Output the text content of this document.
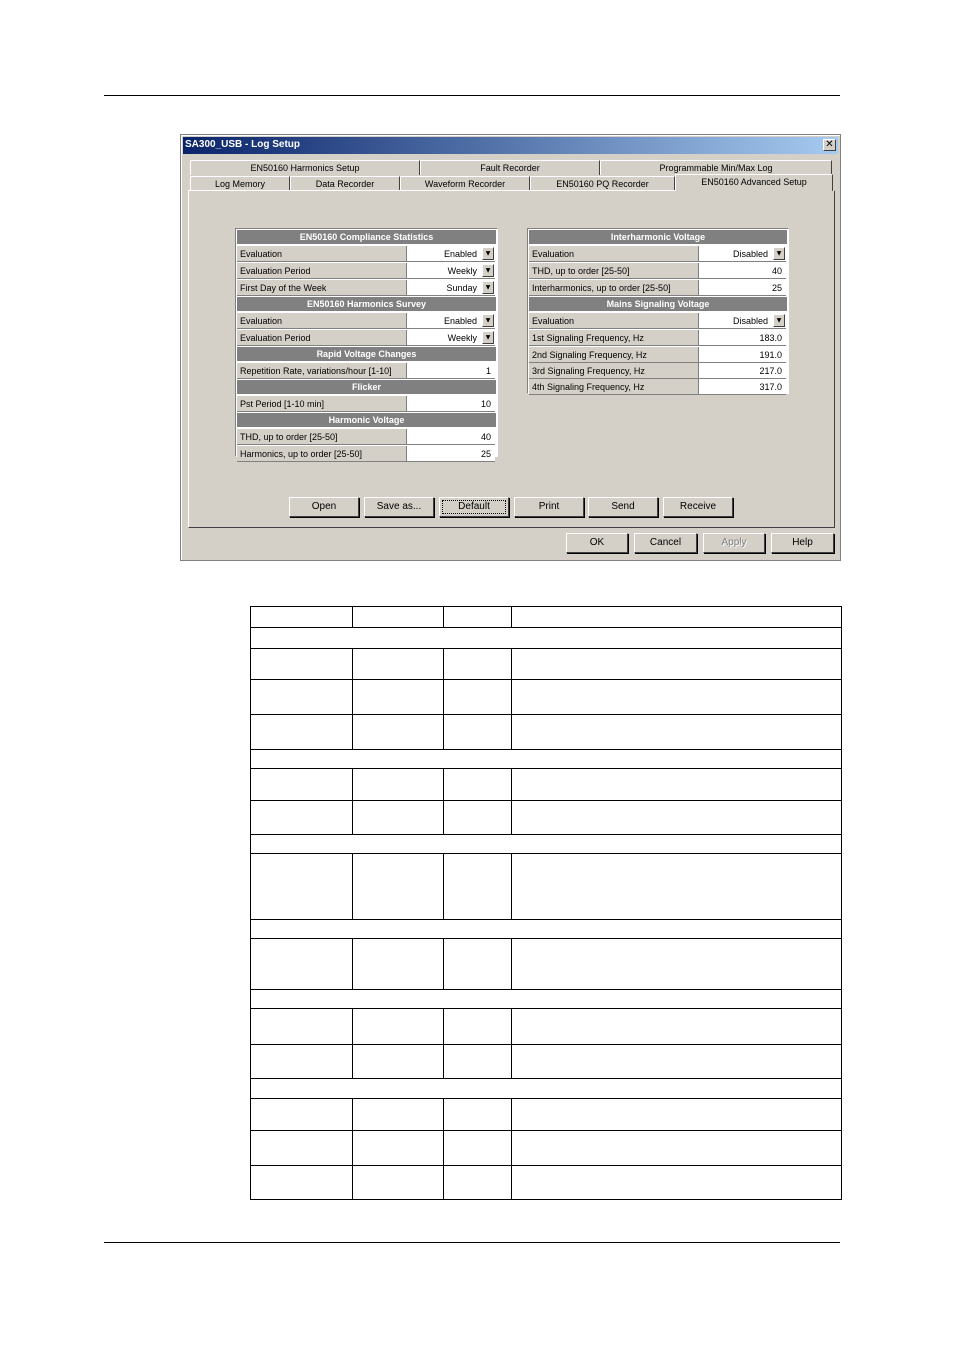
SA300_USB - Log Setup	✕
EN50160 Harmonics Setup	Fault Recorder	Programmable Min/Max Log
Log Memory	Data Recorder	Waveform Recorder	EN50160 PQ Recorder	EN50160 Advanced Setup
EN50160 Compliance Statistics
Evaluation	Enabled	▼
Evaluation Period	Weekly	▼
First Day of the Week	Sunday	▼
EN50160 Harmonics Survey
Evaluation	Enabled	▼
Evaluation Period	Weekly	▼
Rapid Voltage Changes
Repetition Rate, variations/hour [1-10]	1
Flicker
Pst Period [1-10 min]	10
Harmonic Voltage
THD, up to order [25-50]	40
Harmonics, up to order [25-50]	25
Interharmonic Voltage
Evaluation	Disabled	▼
THD, up to order [25-50]	40
Interharmonics, up to order [25-50]	25
Mains Signaling Voltage
Evaluation	Disabled	▼
1st Signaling Frequency, Hz	183.0
2nd Signaling Frequency, Hz	191.0
3rd Signaling Frequency, Hz	217.0
4th Signaling Frequency, Hz	317.0
Open	Save as...	Default	Print	Send	Receive
OK	Cancel	Apply	Help
